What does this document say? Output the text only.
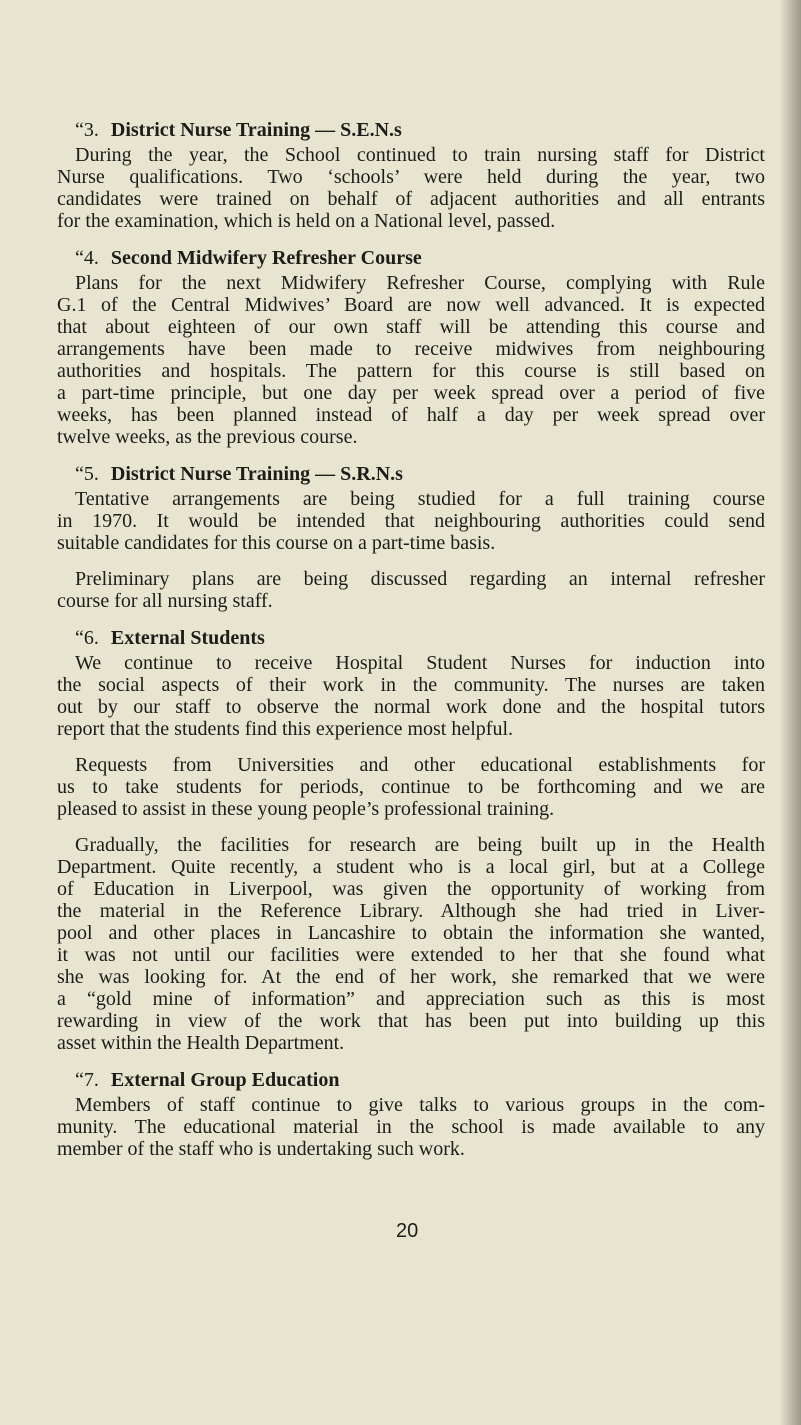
“3. District Nurse Training — S.E.N.s
During the year, the School continued to train nursing staff for District
Nurse qualifications. Two ‘schools’ were held during the year, two
candidates were trained on behalf of adjacent authorities and all entrants
for the examination, which is held on a National level, passed.
“4. Second Midwifery Refresher Course
Plans for the next Midwifery Refresher Course, complying with Rule
G.1 of the Central Midwives’ Board are now well advanced. It is expected
that about eighteen of our own staff will be attending this course and
arrangements have been made to receive midwives from neighbouring
authorities and hospitals. The pattern for this course is still based on
a part-time principle, but one day per week spread over a period of five
weeks, has been planned instead of half a day per week spread over
twelve weeks, as the previous course.
“5. District Nurse Training — S.R.N.s
Tentative arrangements are being studied for a full training course
in 1970. It would be intended that neighbouring authorities could send
suitable candidates for this course on a part-time basis.
Preliminary plans are being discussed regarding an internal refresher
course for all nursing staff.
“6. External Students
We continue to receive Hospital Student Nurses for induction into
the social aspects of their work in the community. The nurses are taken
out by our staff to observe the normal work done and the hospital tutors
report that the students find this experience most helpful.
Requests from Universities and other educational establishments for
us to take students for periods, continue to be forthcoming and we are
pleased to assist in these young people’s professional training.
Gradually, the facilities for research are being built up in the Health
Department. Quite recently, a student who is a local girl, but at a College
of Education in Liverpool, was given the opportunity of working from
the material in the Reference Library. Although she had tried in Liver-
pool and other places in Lancashire to obtain the information she wanted,
it was not until our facilities were extended to her that she found what
she was looking for. At the end of her work, she remarked that we were
a “gold mine of information” and appreciation such as this is most
rewarding in view of the work that has been put into building up this
asset within the Health Department.
“7. External Group Education
Members of staff continue to give talks to various groups in the com-
munity. The educational material in the school is made available to any
member of the staff who is undertaking such work.
20
